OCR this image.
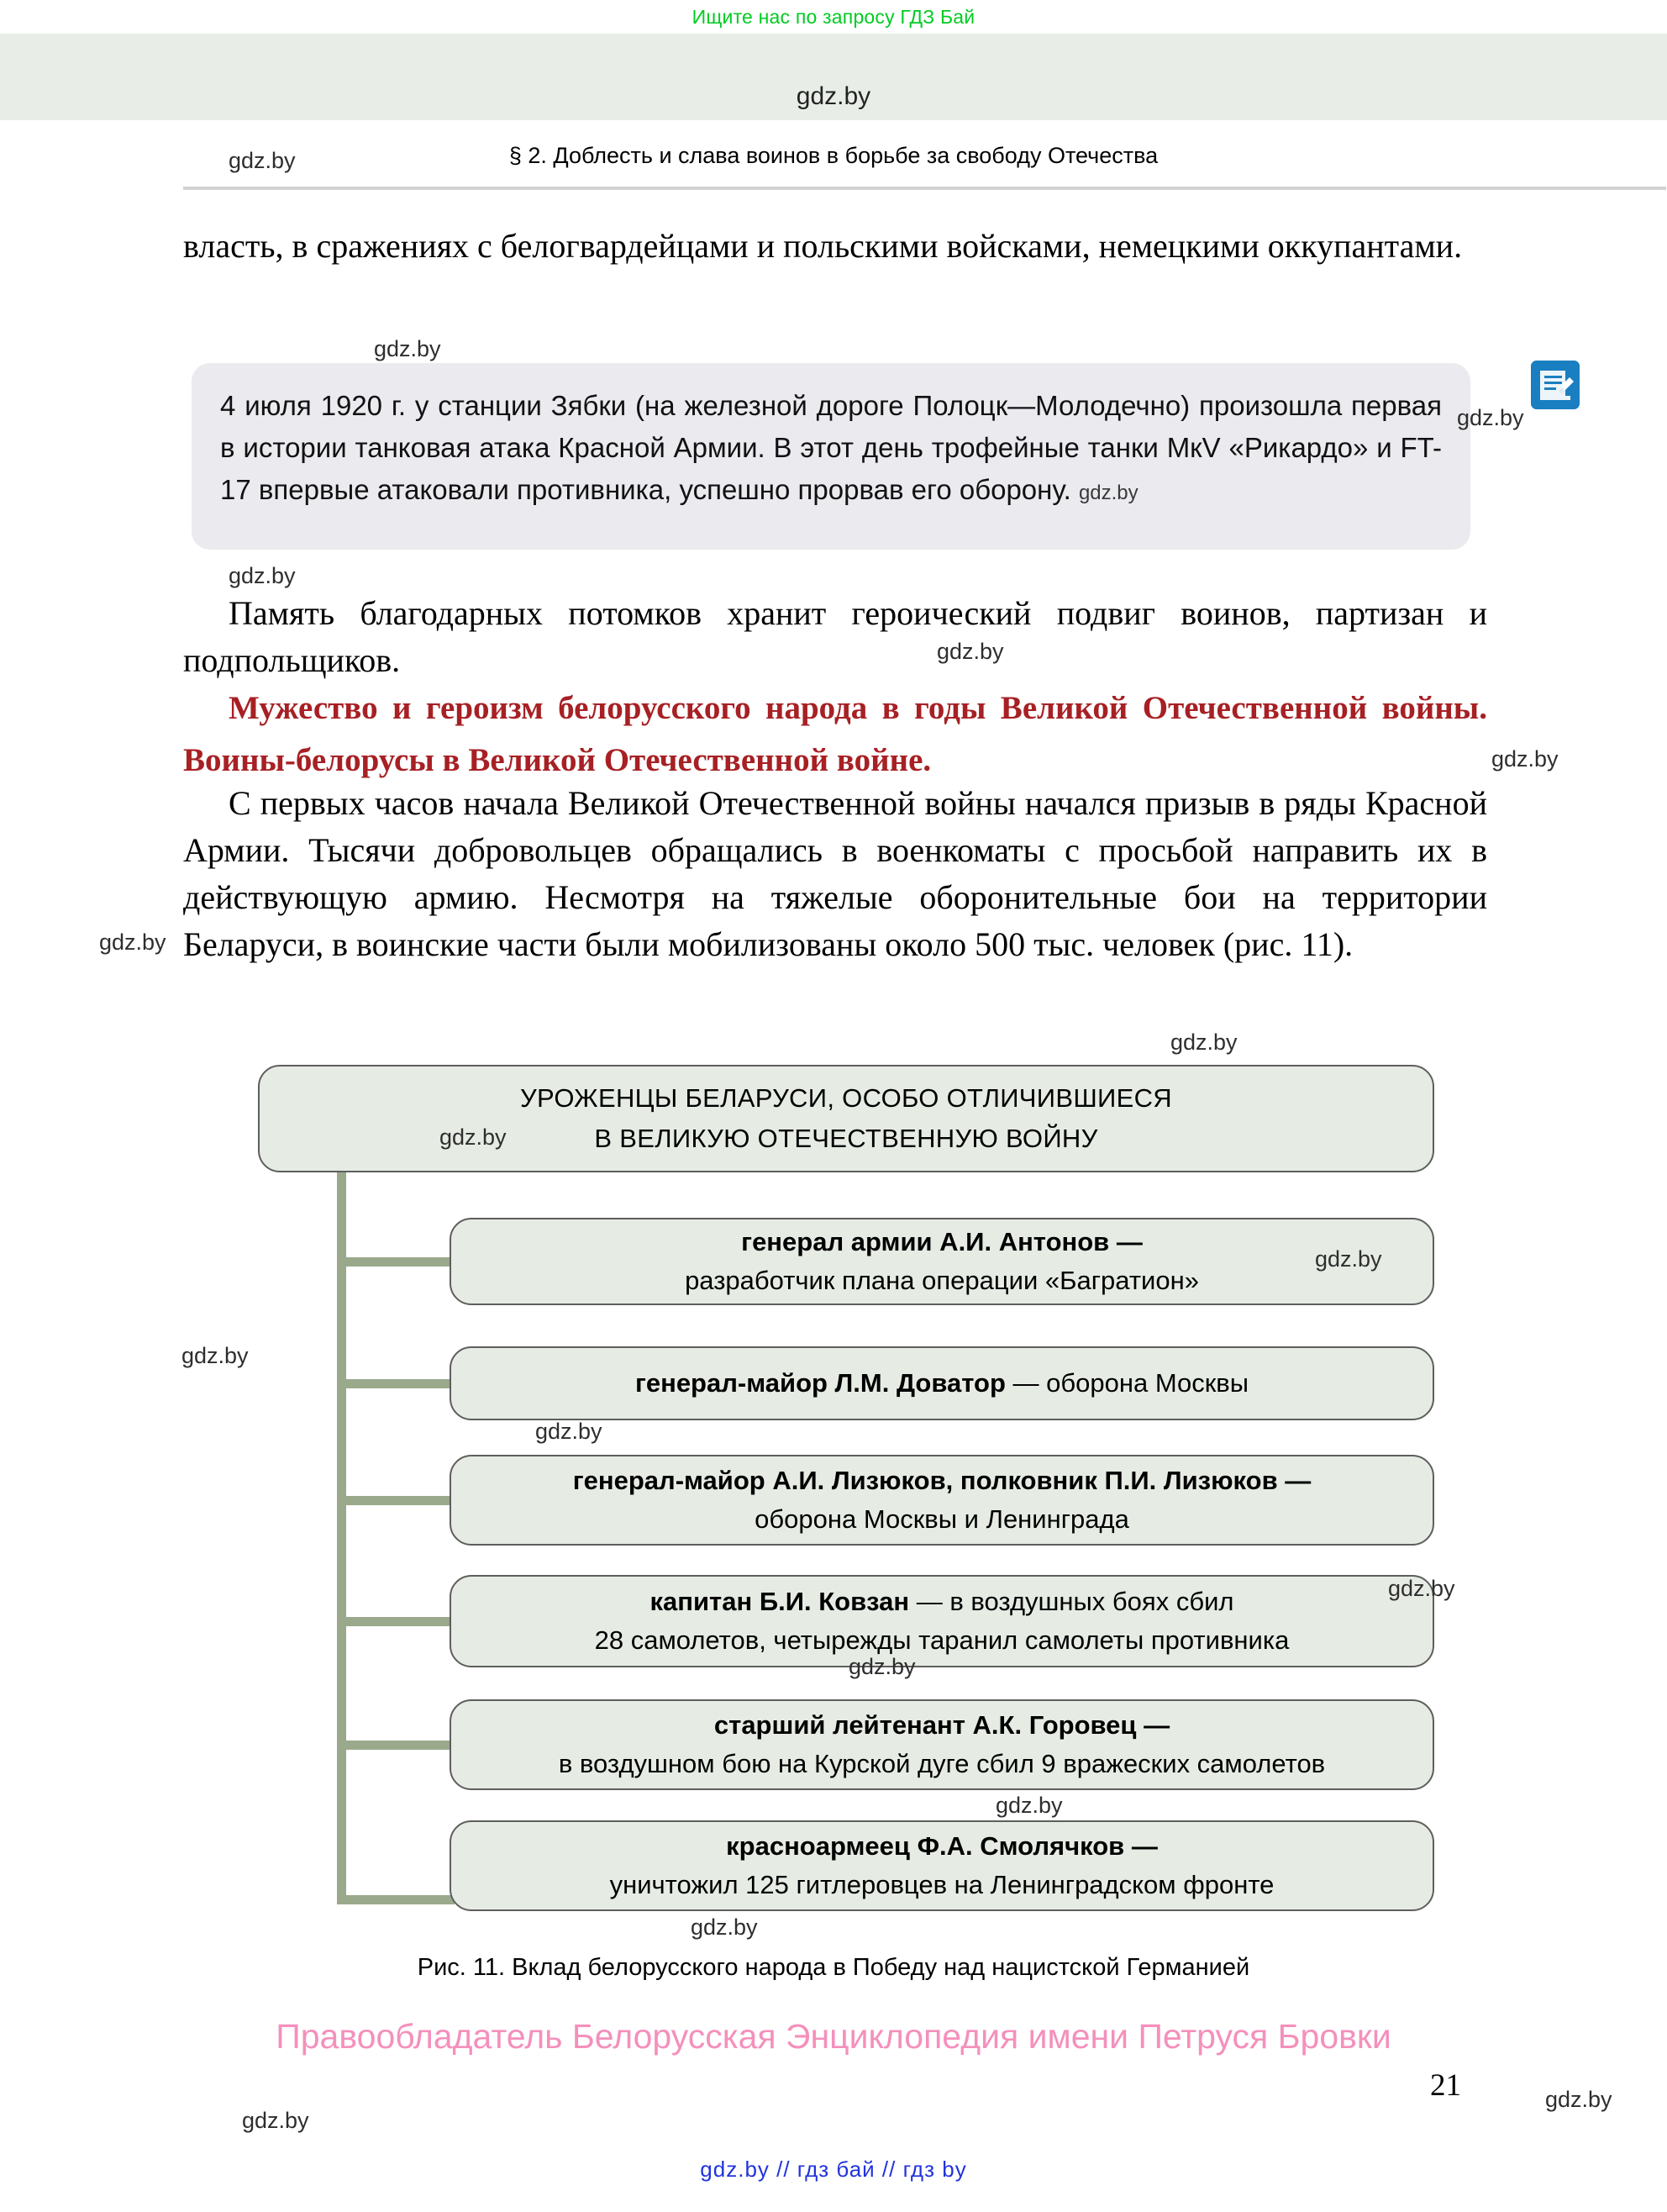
Ищите нас по запросу ГДЗ Бай
gdz.by
§ 2. Доблесть и слава воинов в борьбе за свободу Отечества

власть, в сражениях с белогвардейцами и польскими войсками, немецкими оккупантами.

4 июля 1920 г. у станции Зябки (на железной дороге Полоцк—Молодечно) произошла первая в истории танковая атака Красной Армии. В этот день трофейные танки MкV «Рикардо» и FT-17 впервые атаковали противника, успешно прорвав его оборону. gdz.by

Память благодарных потомков хранит героический подвиг воинов, партизан и подпольщиков.

Мужество и героизм белорусского народа в годы Великой Отечественной войны. Воины-белорусы в Великой Отечественной войне.

С первых часов начала Великой Отечественной войны начался призыв в ряды Красной Армии. Тысячи добровольцев обращались в военкоматы с просьбой направить их в действующую армию. Несмотря на тяжелые оборонительные бои на территории Беларуси, в воинские части были мобилизованы около 500 тыс. человек (рис. 11).

УРОЖЕНЦЫ БЕЛАРУСИ, ОСОБО ОТЛИЧИВШИЕСЯ
В ВЕЛИКУЮ ОТЕЧЕСТВЕННУЮ ВОЙНУ
генерал армии А.И. Антонов —
разработчик плана операции «Багратион»
генерал-майор Л.М. Доватор — оборона Москвы
генерал-майор А.И. Лизюков, полковник П.И. Лизюков —
оборона Москвы и Ленинграда
капитан Б.И. Ковзан — в воздушных боях сбил
28 самолетов, четырежды таранил самолеты противника
старший лейтенант А.К. Горовец —
в воздушном бою на Курской дуге сбил 9 вражеских самолетов
красноармеец Ф.А. Смолячков —
уничтожил 125 гитлеровцев на Ленинградском фронте
Рис. 11. Вклад белорусского народа в Победу над нацистской Германией
Правообладатель Белорусская Энциклопедия имени Петруся Бровки
21
gdz.by // гдз бай // гдз by
gdz.by
gdz.by
gdz.by
gdz.by
gdz.by
gdz.by
gdz.by
gdz.by
gdz.by
gdz.by
gdz.by
gdz.by
gdz.by
gdz.by
gdz.by
gdz.by
gdz.by
gdz.by
